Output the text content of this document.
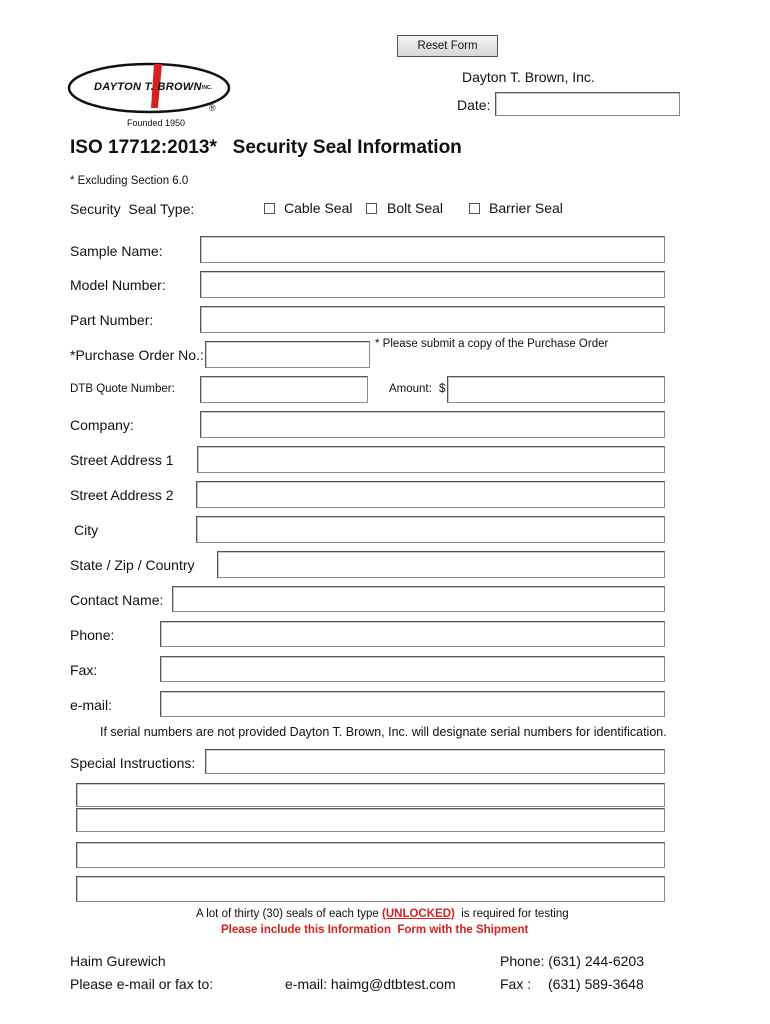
Reset Form
DAYTON T. BROWN INC.
®
Founded 1950
Dayton T. Brown, Inc.
Date:
ISO 17712:2013*   Security Seal Information
* Excluding Section 6.0
Security  Seal Type:	Cable Seal Bolt Seal	Barrier Seal
Sample Name:
Model Number:
Part Number:
*Purchase Order No.:
* Please submit a copy of the Purchase Order
DTB Quote Number:	Amount: $
Company:
Street Address 1
Street Address 2
City
State / Zip / Country
Contact Name:
Phone:
Fax:
e-mail:
If serial numbers are not provided Dayton T. Brown, Inc. will designate serial numbers for identification.
Special Instructions:
A lot of thirty (30) seals of each type (UNLOCKED)  is required for testing
Please include this Information  Form with the Shipment
Haim Gurewich
Please e-mail or fax to:	e-mail: haimg@dtbtest.com
Phone: (631) 244-6203
Fax : (631) 589-3648
